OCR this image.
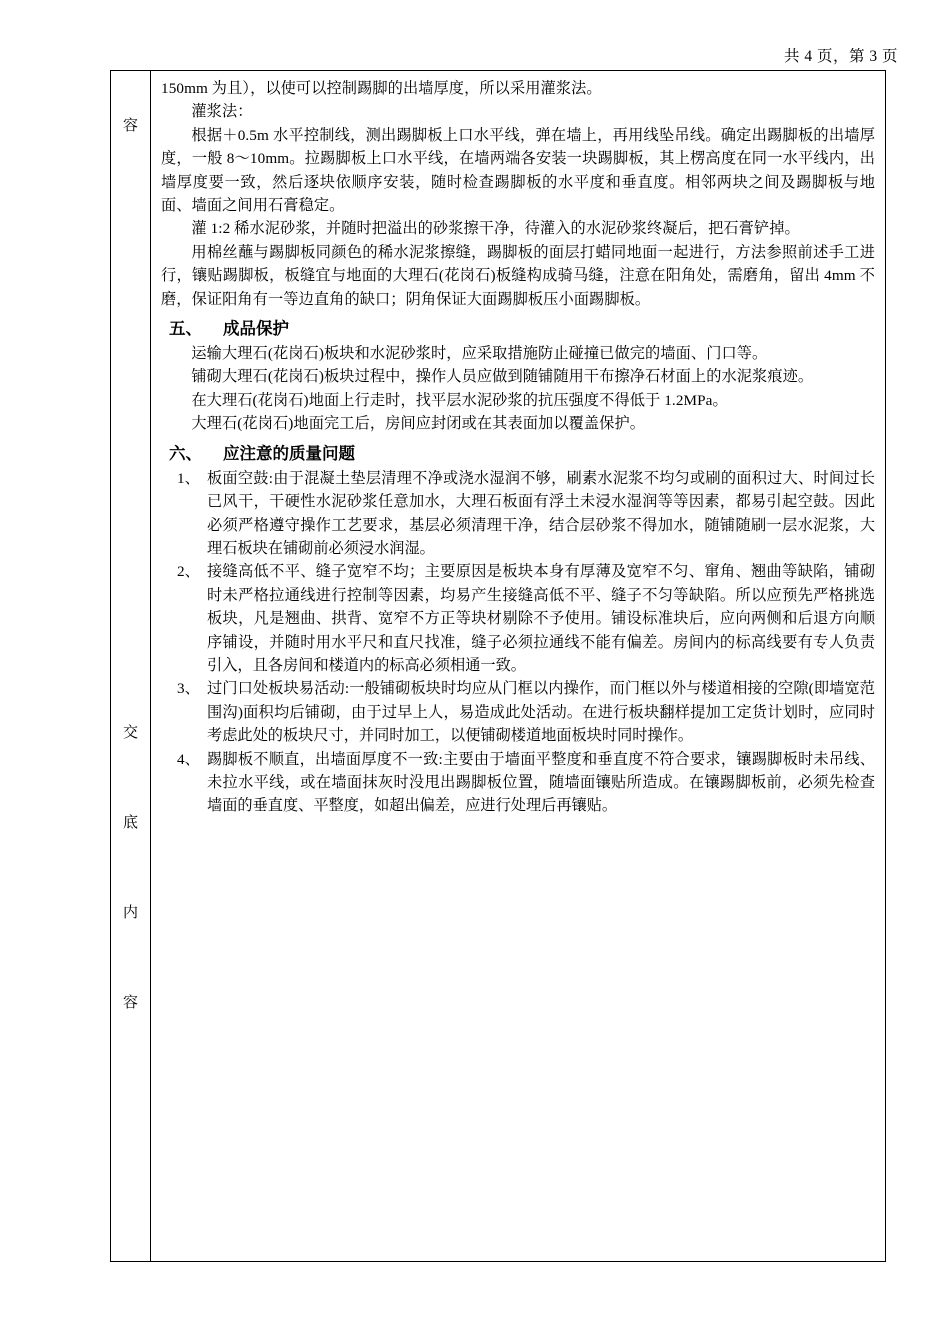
共 4 页，第 3 页
容
交
底
内
容

150mm 为且），以使可以控制踢脚的出墙厚度，所以采用灌浆法。

灌浆法：

根据＋0.5m 水平控制线，测出踢脚板上口水平线，弹在墙上，再用线坠吊线。确定出踢脚板的出墙厚度，一般 8～10mm。拉踢脚板上口水平线，在墙两端各安装一块踢脚板，其上楞高度在同一水平线内，出墙厚度要一致，然后逐块依顺序安装，随时检查踢脚板的水平度和垂直度。相邻两块之间及踢脚板与地面、墙面之间用石膏稳定。

灌 1:2 稀水泥砂浆，并随时把溢出的砂浆擦干净，待灌入的水泥砂浆终凝后，把石膏铲掉。

用棉丝蘸与踢脚板同颜色的稀水泥浆擦缝，踢脚板的面层打蜡同地面一起进行，方法参照前述手工进行，镶贴踢脚板，板缝宜与地面的大理石(花岗石)板缝构成骑马缝，注意在阳角处，需磨角，留出 4mm 不磨，保证阳角有一等边直角的缺口；阴角保证大面踢脚板压小面踢脚板。

五、	成品保护

运输大理石(花岗石)板块和水泥砂浆时，应采取措施防止碰撞已做完的墙面、门口等。

铺砌大理石(花岗石)板块过程中，操作人员应做到随铺随用干布擦净石材面上的水泥浆痕迹。

在大理石(花岗石)地面上行走时，找平层水泥砂浆的抗压强度不得低于 1.2MPa。

大理石(花岗石)地面完工后，房间应封闭或在其表面加以覆盖保护。

六、	应注意的质量问题
1、 板面空鼓:由于混凝土垫层清理不净或浇水湿润不够，刷素水泥浆不均匀或刷的面积过大、时间过长已风干，干硬性水泥砂浆任意加水，大理石板面有浮土未浸水湿润等等因素，都易引起空鼓。因此必须严格遵守操作工艺要求，基层必须清理干净，结合层砂浆不得加水，随铺随刷一层水泥浆，大理石板块在铺砌前必须浸水润湿。
2、 接缝高低不平、缝子宽窄不均；主要原因是板块本身有厚薄及宽窄不匀、窜角、翘曲等缺陷，铺砌时未严格拉通线进行控制等因素，均易产生接缝高低不平、缝子不匀等缺陷。所以应预先严格挑选板块，凡是翘曲、拱背、宽窄不方正等块材剔除不予使用。铺设标准块后，应向两侧和后退方向顺序铺设，并随时用水平尺和直尺找准，缝子必须拉通线不能有偏差。房间内的标高线要有专人负责引入，且各房间和楼道内的标高必须相通一致。
3、 过门口处板块易活动:一般铺砌板块时均应从门框以内操作，而门框以外与楼道相接的空隙(即墙宽范围沟)面积均后铺砌，由于过早上人，易造成此处活动。在进行板块翻样提加工定货计划时，应同时考虑此处的板块尺寸，并同时加工，以便铺砌楼道地面板块时同时操作。
4、 踢脚板不顺直，出墙面厚度不一致:主要由于墙面平整度和垂直度不符合要求，镶踢脚板时未吊线、未拉水平线，或在墙面抹灰时没甩出踢脚板位置，随墙面镶贴所造成。在镶踢脚板前，必须先检查墙面的垂直度、平整度，如超出偏差，应进行处理后再镶贴。
